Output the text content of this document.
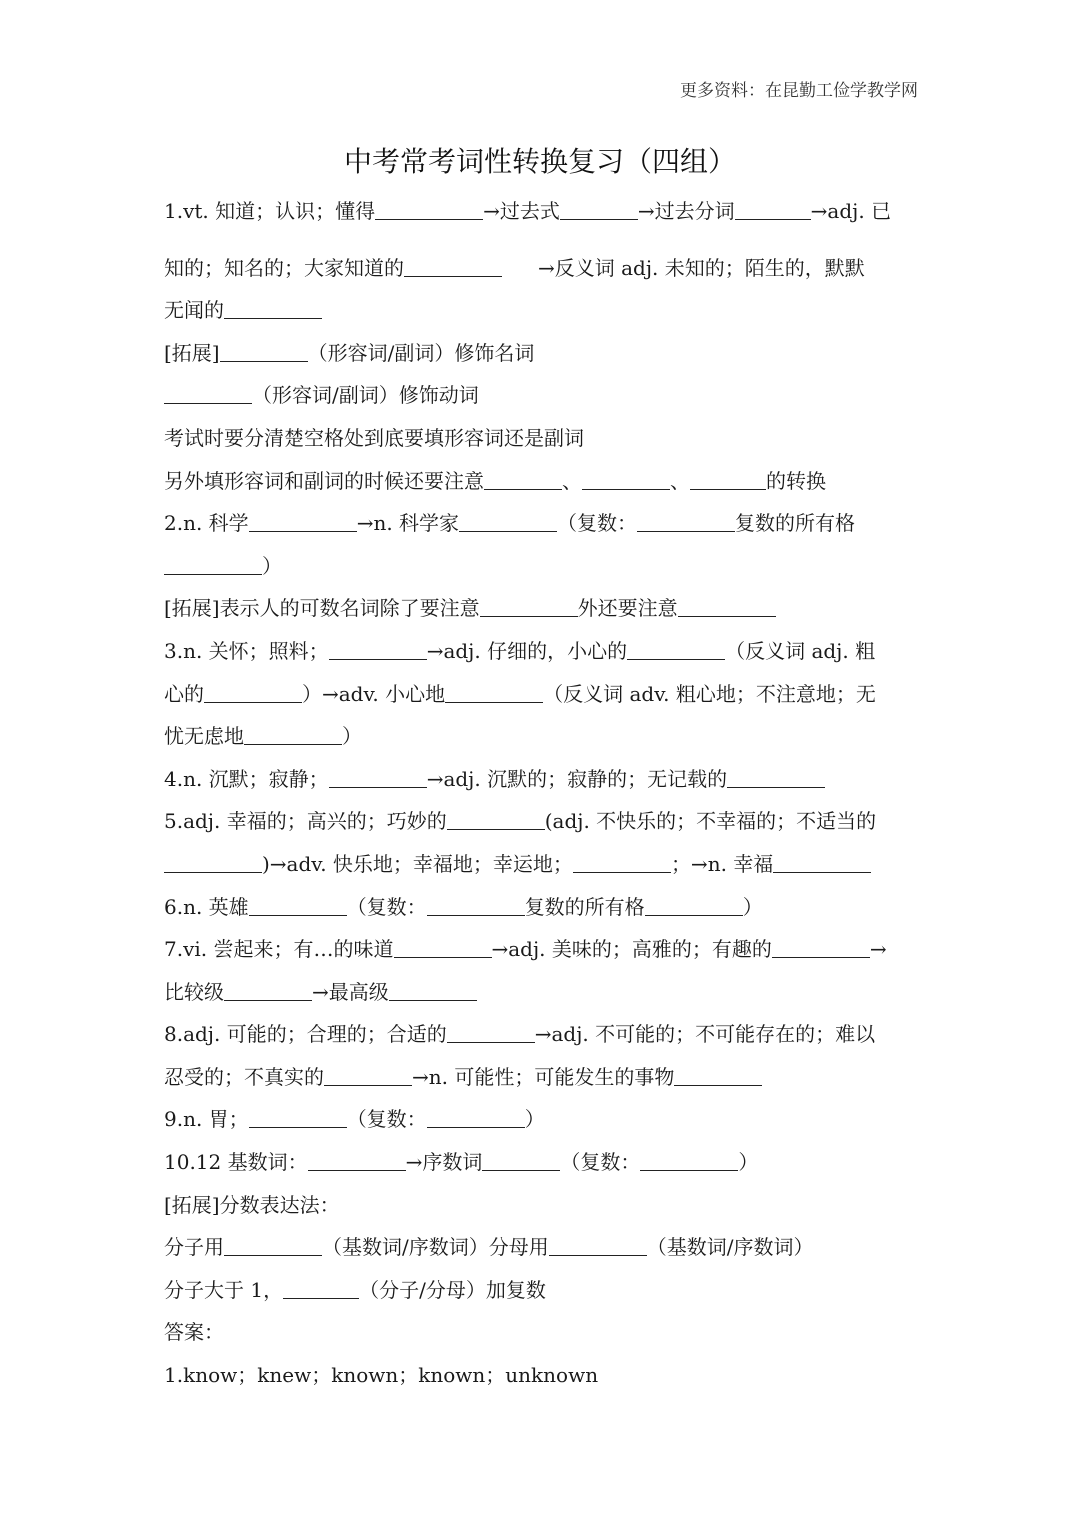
更多资料：在昆勤工俭学教学网
中考常考词性转换复习（四组）
1.vt. 知道；认识；懂得	→过去式	→过去分词	→adj. 已
知的；知名的；大家知道的	→反义词 adj. 未知的；陌生的，默默
无闻的
[拓展]	（形容词/副词）修饰名词
（形容词/副词）修饰动词
考试时要分清楚空格处到底要填形容词还是副词
另外填形容词和副词的时候还要注意	、	、	的转换
2.n. 科学	→n. 科学家	（复数：	复数的所有格
）
[拓展]表示人的可数名词除了要注意	外还要注意
3.n. 关怀；照料；	→adj. 仔细的，小心的	（反义词 adj. 粗
心的	）→adv. 小心地	（反义词 adv. 粗心地；不注意地；无
忧无虑地	）
4.n. 沉默；寂静；	→adj. 沉默的；寂静的；无记载的
5.adj. 幸福的；高兴的；巧妙的	(adj. 不快乐的；不幸福的；不适当的
)→adv. 快乐地；幸福地；幸运地；	；→n. 幸福
6.n. 英雄	（复数：	复数的所有格	）
7.vi. 尝起来；有…的味道	→adj. 美味的；高雅的；有趣的	→
比较级	→最高级
8.adj. 可能的；合理的；合适的	→adj. 不可能的；不可能存在的；难以
忍受的；不真实的	→n. 可能性；可能发生的事物
9.n. 胃；	（复数：	）
10.12 基数词：	→序数词	（复数：	）
[拓展]分数表达法：
分子用	（基数词/序数词）分母用	（基数词/序数词）
分子大于 1，	（分子/分母）加复数
答案：
1.know；knew；known；known；unknown
